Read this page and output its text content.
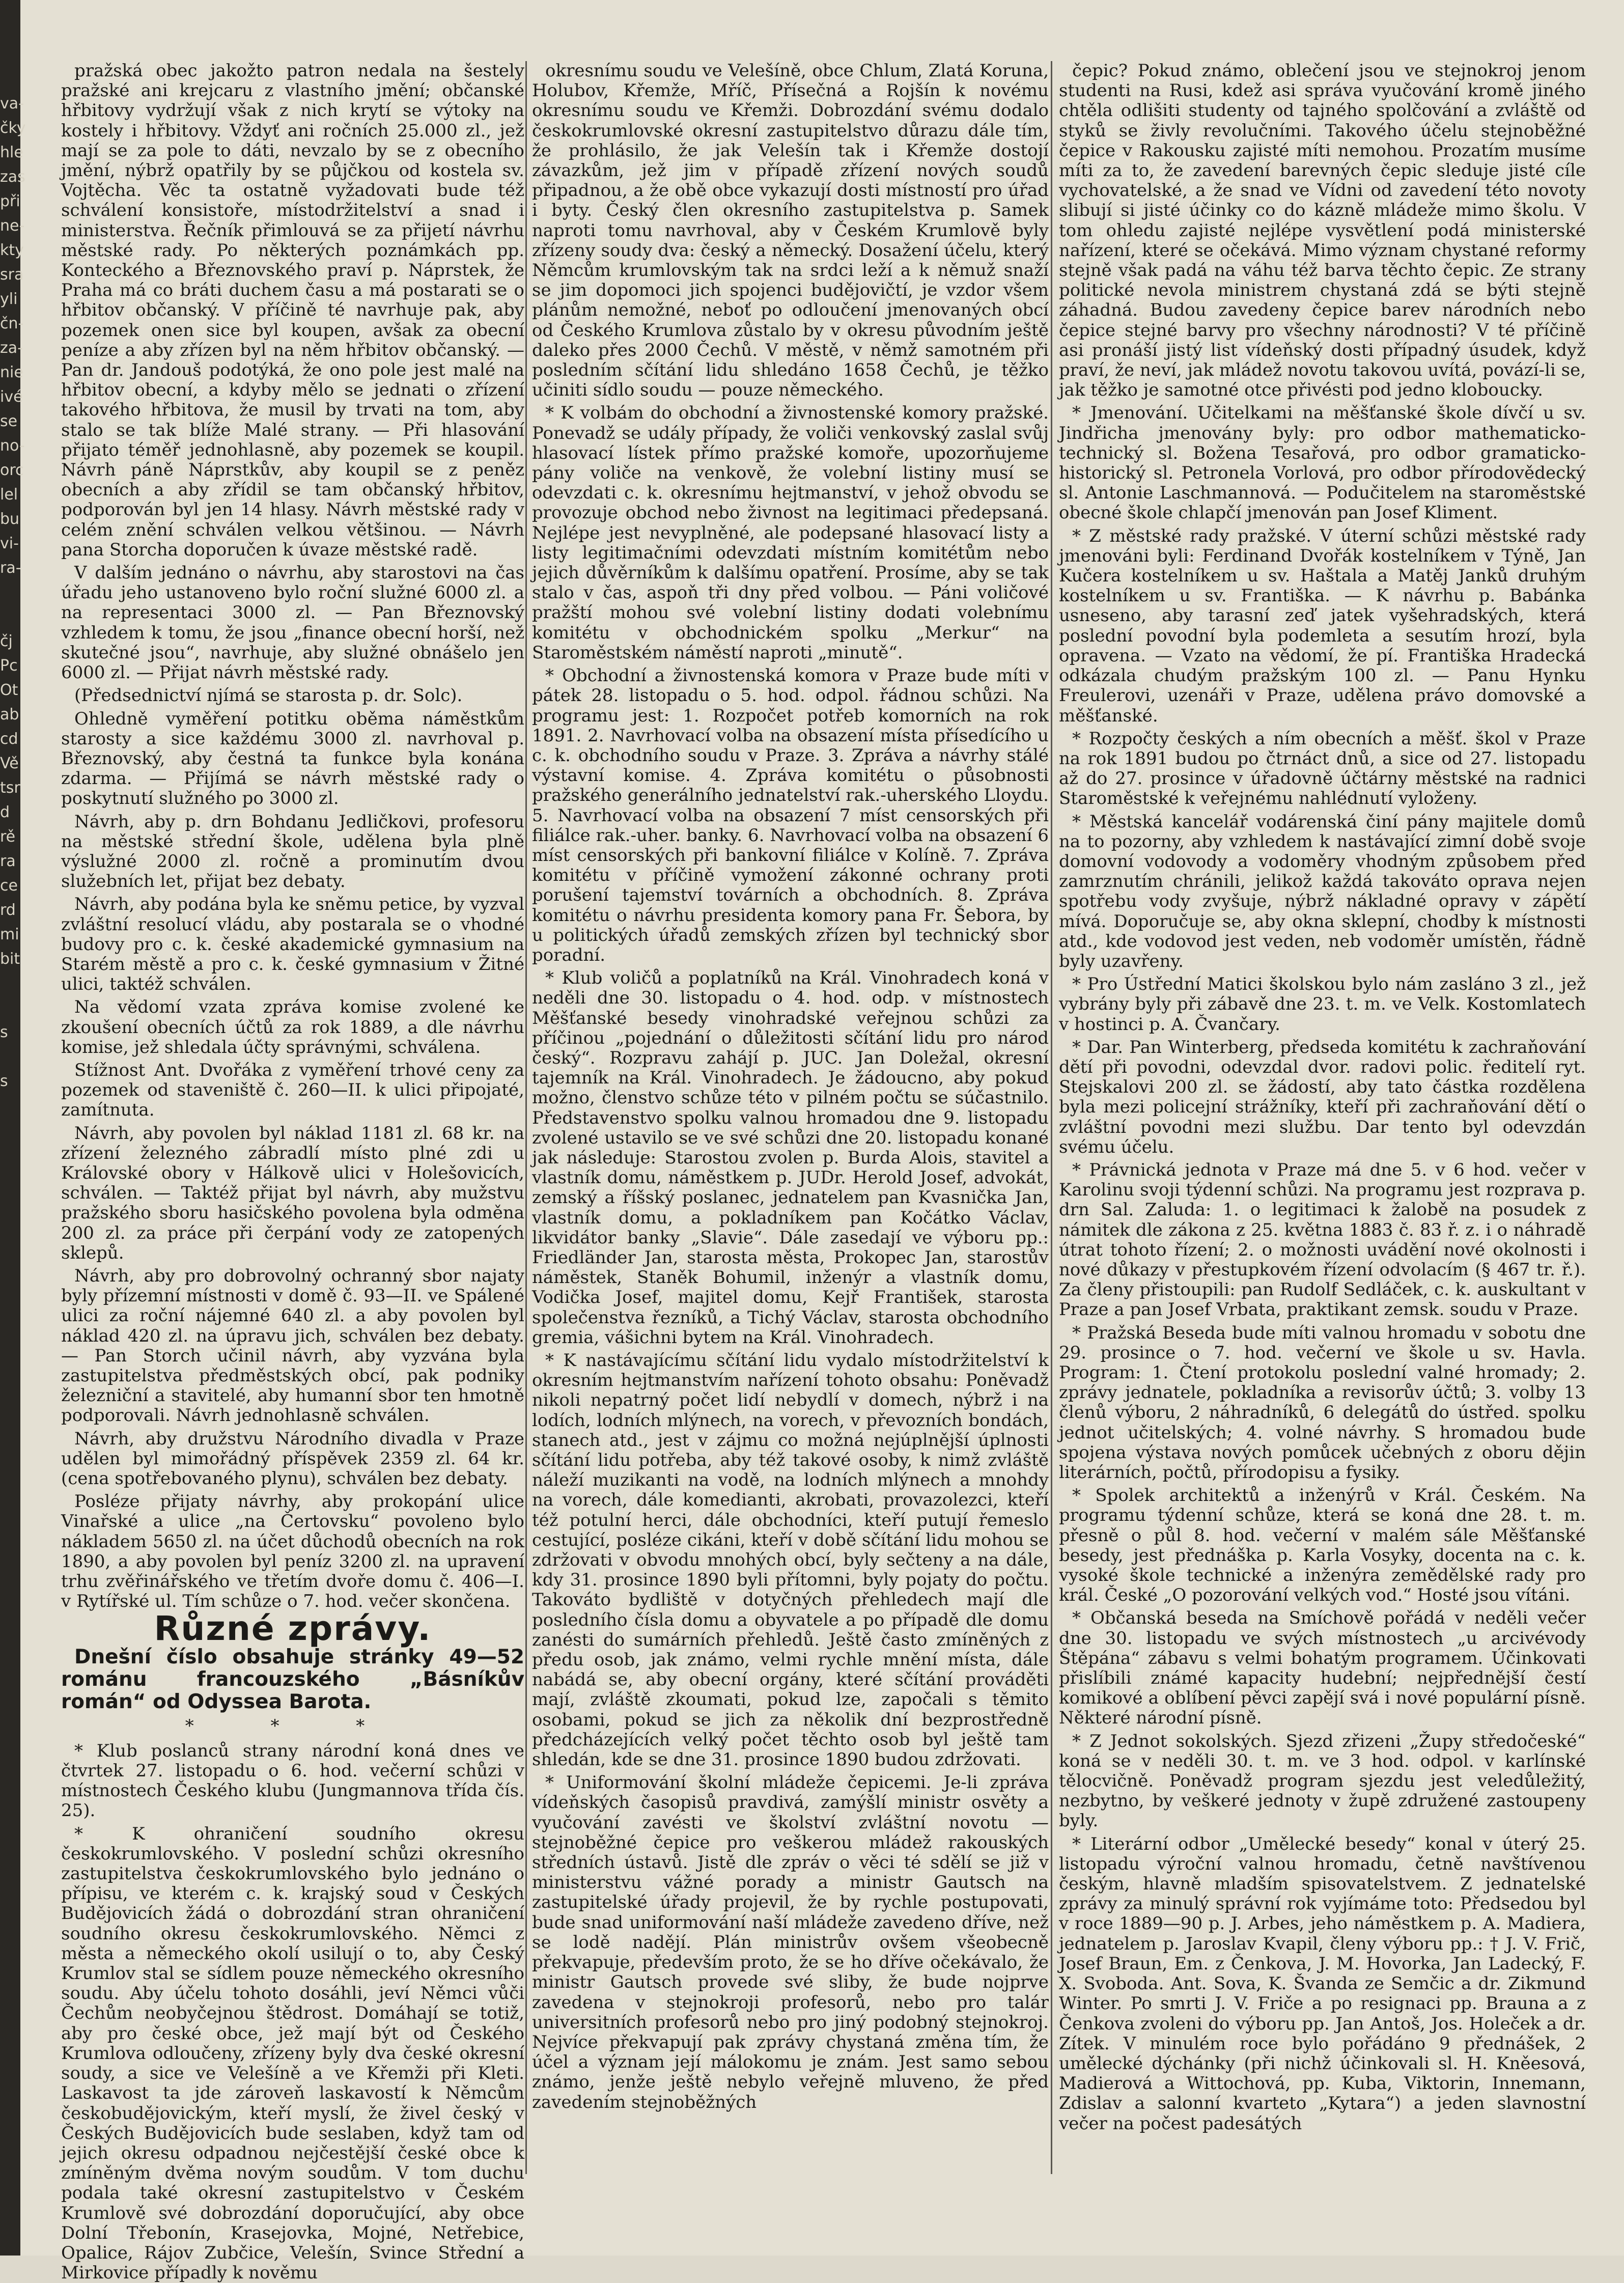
va-
čky
hle
zas
při
ne-
kty
sra
yli
čn-
za-
nie
ivé
se
no-
orc
lel
bu
vi-
ra-

čj
Pc
Ot
ab
cd
Vě
tsr
d
rě
ra
ce
rd
mi
bit

s

s

pražská obec jakožto patron nedala na šestely pražské ani krejcaru z vlastního jmění; občanské hřbitovy vydržují však z nich krytí se výtoky na kostely i hřbitovy. Vždyť ani ročních 25.000 zl., jež mají se za pole to dáti, nevzalo by se z obecního jmění, nýbrž opatřily by se půjčkou od kostela sv. Vojtěcha. Věc ta ostatně vyžadovati bude též schválení konsistoře, místodržitelství a snad i ministerstva. Řečník přimlouvá se za přijetí návrhu městské rady. Po některých poznámkách pp. Konteckého a Březnovského praví p. Náprstek, že Praha má co bráti duchem času a má postarati se o hřbitov občanský. V příčině té navrhuje pak, aby pozemek onen sice byl koupen, avšak za obecní peníze a aby zřízen byl na něm hřbitov občanský. — Pan dr. Jandouš podotýká, že ono pole jest malé na hřbitov obecní, a kdyby mělo se jednati o zřízení takového hřbitova, že musil by trvati na tom, aby stalo se tak blíže Malé strany. — Při hlasování přijato téměř jednohlasně, aby pozemek se koupil. Návrh páně Náprstkův, aby koupil se z peněz obecních a aby zřídil se tam občanský hřbitov, podporován byl jen 14 hlasy. Návrh městské rady v celém znění schválen velkou většinou. — Návrh pana Storcha doporučen k úvaze městské radě.

V dalším jednáno o návrhu, aby starostovi na čas úřadu jeho ustanoveno bylo roční služné 6000 zl. a na representaci 3000 zl. — Pan Březnovský vzhledem k tomu, že jsou „finance obecní horší, než skutečné jsou“, navrhuje, aby služné obnášelo jen 6000 zl. — Přijat návrh městské rady.

(Předsednictví njímá se starosta p. dr. Solc).

Ohledně vyměření potitku oběma náměstkům starosty a sice každému 3000 zl. navrhoval p. Březnovský, aby čestná ta funkce byla konána zdarma. — Přijímá se návrh městské rady o poskytnutí služného po 3000 zl.

Návrh, aby p. drn Bohdanu Jedličkovi, profesoru na městské střední škole, udělena byla plně výslužné 2000 zl. ročně a prominutím dvou služebních let, přijat bez debaty.

Návrh, aby podána byla ke sněmu petice, by vyzval zvláštní resolucí vládu, aby postarala se o vhodné budovy pro c. k. české akademické gymnasium na Starém městě a pro c. k. české gymnasium v Žitné ulici, taktéž schválen.

Na vědomí vzata zpráva komise zvolené ke zkoušení obecních účtů za rok 1889, a dle návrhu komise, jež shledala účty správnými, schválena.

Stížnost Ant. Dvořáka z vyměření trhové ceny za pozemek od staveniště č. 260—II. k ulici připojaté, zamítnuta.

Návrh, aby povolen byl náklad 1181 zl. 68 kr. na zřízení železného zábradlí místo plné zdi u Královské obory v Hálkově ulici v Holešovicích, schválen. — Taktéž přijat byl návrh, aby mužstvu pražského sboru hasičského povolena byla odměna 200 zl. za práce při čerpání vody ze zatopených sklepů.

Návrh, aby pro dobrovolný ochranný sbor najaty byly přízemní místnosti v domě č. 93—II. ve Spálené ulici za roční nájemné 640 zl. a aby povolen byl náklad 420 zl. na úpravu jich, schválen bez debaty. — Pan Storch učinil návrh, aby vyzvána byla zastupitelstva předměstských obcí, pak podniky železniční a stavitelé, aby humanní sbor ten hmotně podporovali. Návrh jednohlasně schválen.

Návrh, aby družstvu Národního divadla v Praze udělen byl mimořádný příspěvek 2359 zl. 64 kr. (cena spotřebovaného plynu), schválen bez debaty.

Posléze přijaty návrhy, aby prokopání ulice Vinařské a ulice „na Čertovsku“ povoleno bylo nákladem 5650 zl. na účet důchodů obecních na rok 1890, a aby povolen byl peníz 3200 zl. na upravení trhu zvěřinářského ve třetím dvoře domu č. 406—I. v Rytířské ul. Tím schůze o 7. hod. večer skončena.

Různé zprávy.

Dnešní číslo obsahuje stránky 49—52 románu francouzského „Básníkův román“ od Odyssea Barota.

* * *

* Klub poslanců strany národní koná dnes ve čtvrtek 27. listopadu o 6. hod. večerní schůzi v místnostech Českého klubu (Jungmannova třída čís. 25).

* K ohraničení soudního okresu českokrumlovského. V poslední schůzi okresního zastupitelstva českokrumlovského bylo jednáno o přípisu, ve kterém c. k. krajský soud v Českých Budějovicích žádá o dobrozdání stran ohraničení soudního okresu českokrumlovského. Němci z města a německého okolí usilují o to, aby Český Krumlov stal se sídlem pouze německého okresního soudu. Aby účelu tohoto dosáhli, jeví Němci vůči Čechům neobyčejnou štědrost. Domáhají se totiž, aby pro české obce, jež mají být od Českého Krumlova odloučeny, zřízeny byly dva české okresní soudy, a sice ve Velešíně a ve Křemži při Kleti. Laskavost ta jde zároveň laskavostí k Němcům českobudějovickým, kteří myslí, že živel český v Českých Budějovicích bude seslaben, když tam od jejich okresu odpadnou nejčestější české obce k zmíněným dvěma novým soudům. V tom duchu podala také okresní zastupitelstvo v Českém Krumlově své dobrozdání doporučující, aby obce Dolní Třebonín, Krasejovka, Mojné, Netřebice, Opalice, Rájov Zubčice, Velešín, Svince Střední a Mirkovice případly k nověmu

okresnímu soudu ve Velešíně, obce Chlum, Zlatá Koruna, Holubov, Křemže, Mříč, Přísečná a Rojšín k novému okresnímu soudu ve Křemži. Dobrozdání svému dodalo českokrumlovské okresní zastupitelstvo důrazu dále tím, že prohlásilo, že jak Velešín tak i Křemže dostojí závazkům, jež jim v případě zřízení nových soudů připadnou, a že obě obce vykazují dosti místností pro úřad i byty. Český člen okresního zastupitelstva p. Samek naproti tomu navrhoval, aby v Českém Krumlově byly zřízeny soudy dva: český a německý. Dosažení účelu, který Němcům krumlovským tak na srdci leží a k němuž snaží se jim dopomoci jich spojenci budějovičtí, je vzdor všem plánům nemožné, neboť po odloučení jmenovaných obcí od Českého Krumlova zůstalo by v okresu původním ještě daleko přes 2000 Čechů. V městě, v němž samotném při posledním sčítání lidu shledáno 1658 Čechů, je těžko učiniti sídlo soudu — pouze německého.

* K volbám do obchodní a živnostenské komory pražské. Ponevadž se udály případy, že voliči venkovský zaslal svůj hlasovací lístek přímo pražské komoře, upozorňujeme pány voliče na venkově, že volební listiny musí se odevzdati c. k. okresnímu hejtmanství, v jehož obvodu se provozuje obchod nebo živnost na legitimaci předepsaná. Nejlépe jest nevyplněné, ale podepsané hlasovací listy a listy legitimačními odevzdati místním komitétům nebo jejich důvěrníkům k dalšímu opatření. Prosíme, aby se tak stalo v čas, aspoň tři dny před volbou. — Páni voličové pražští mohou své volební listiny dodati volebnímu komitétu v obchodnickém spolku „Merkur“ na Staroměstském náměstí naproti „minutě“.

* Obchodní a živnostenská komora v Praze bude míti v pátek 28. listopadu o 5. hod. odpol. řádnou schůzi. Na programu jest: 1. Rozpočet potřeb komorních na rok 1891. 2. Navrhovací volba na obsazení místa přísedícího u c. k. obchodního soudu v Praze. 3. Zpráva a návrhy stálé výstavní komise. 4. Zpráva komitétu o působnosti pražského generálního jednatelství rak.-uherského Lloydu. 5. Navrhovací volba na obsazení 7 míst censorských při filiálce rak.-uher. banky. 6. Navrhovací volba na obsazení 6 míst censorských při bankovní filiálce v Kolíně. 7. Zpráva komitétu v příčině vymožení zákonné ochrany proti porušení tajemství továrních a obchodních. 8. Zpráva komitétu o návrhu presidenta komory pana Fr. Šebora, by u politických úřadů zemských zřízen byl technický sbor poradní.

* Klub voličů a poplatníků na Král. Vinohradech koná v neděli dne 30. listopadu o 4. hod. odp. v místnostech Měšťanské besedy vinohradské veřejnou schůzi za příčinou „pojednání o důležitosti sčítání lidu pro národ český“. Rozpravu zahájí p. JUC. Jan Doležal, okresní tajemník na Král. Vinohradech. Je žádoucno, aby pokud možno, členstvo schůze této v pilném počtu se súčastnilo. Představenstvo spolku valnou hromadou dne 9. listopadu zvolené ustavilo se ve své schůzi dne 20. listopadu konané jak následuje: Starostou zvolen p. Burda Alois, stavitel a vlastník domu, náměstkem p. JUDr. Herold Josef, advokát, zemský a říšský poslanec, jednatelem pan Kvasnička Jan, vlastník domu, a pokladníkem pan Kočátko Václav, likvidátor banky „Slavie“. Dále zasedají ve výboru pp.: Friedländer Jan, starosta města, Prokopec Jan, starostův náměstek, Staněk Bohumil, inženýr a vlastník domu, Vodička Josef, majitel domu, Kejř František, starosta společenstva řezníků, a Tichý Václav, starosta obchodního gremia, vášichni bytem na Král. Vinohradech.

* K nastávajícímu sčítání lidu vydalo místodržitelství k okresním hejtmanstvím nařízení tohoto obsahu: Poněvadž nikoli nepatrný počet lidí nebydlí v domech, nýbrž i na lodích, lodních mlýnech, na vorech, v převozních bondách, stanech atd., jest v zájmu co možná nejúplnější úplnosti sčítání lidu potřeba, aby též takové osoby, k nimž zvláště náleží muzikanti na vodě, na lodních mlýnech a mnohdy na vorech, dále komedianti, akrobati, provazolezci, kteří též potulní herci, dále obchodníci, kteří putují řemeslo cestující, posléze cikáni, kteří v době sčítání lidu mohou se zdržovati v obvodu mnohých obcí, byly sečteny a na dále, kdy 31. prosince 1890 byli přítomni, byly pojaty do počtu. Takováto bydliště v dotyčných přehledech mají dle posledního čísla domu a obyvatele a po případě dle domu zanésti do sumárních přehledů. Ještě často zmíněných z předu osob, jak známo, velmi rychle mnění místa, dále nabádá se, aby obecní orgány, které sčítání prováděti mají, zvláště zkoumati, pokud lze, započali s těmito osobami, pokud se jich za několik dní bezprostředně předcházejících velký počet těchto osob byl ještě tam shledán, kde se dne 31. prosince 1890 budou zdržovati.

* Uniformování školní mládeže čepicemi. Je-li zpráva vídeňských časopisů pravdivá, zamýšlí ministr osvěty a vyučování zavésti ve školství zvláštní novotu — stejnoběžné čepice pro veškerou mládež rakouských středních ústavů. Jistě dle zpráv o věci té sdělí se již v ministerstvu vážné porady a ministr Gautsch na zastupitelské úřady projevil, že by rychle postupovati, bude snad uniformování naší mládeže zavedeno dříve, než se lodě nadějí. Plán ministrův ovšem všeobecně překvapuje, především proto, že se ho dříve očekávalo, že ministr Gautsch provede své sliby, že bude nojprve zavedena v stejnokroji profesorů, nebo pro talár universitních profesorů nebo pro jiný podobný stejnokroj. Nejvíce překvapují pak zprávy chystaná změna tím, že účel a význam její málokomu je znám. Jest samo sebou známo, jenže ještě nebylo veřejně mluveno, že před zavedením stejnoběžných

čepic? Pokud známo, oblečení jsou ve stejnokroj jenom studenti na Rusi, kdež asi správa vyučování kromě jiného chtěla odlišiti studenty od tajného spolčování a zvláště od styků se živly revolučními. Takového účelu stejnoběžné čepice v Rakousku zajisté míti nemohou. Prozatím musíme míti za to, že zavedení barevných čepic sleduje jisté cíle vychovatelské, a že snad ve Vídni od zavedení této novoty slibují si jisté účinky co do kázně mládeže mimo školu. V tom ohledu zajisté nejlépe vysvětlení podá ministerské nařízení, které se očekává. Mimo význam chystané reformy stejně však padá na váhu též barva těchto čepic. Ze strany politické nevola ministrem chystaná zdá se býti stejně záhadná. Budou zavedeny čepice barev národních nebo čepice stejné barvy pro všechny národnosti? V té příčině asi pronáší jistý list vídeňský dosti případný úsudek, když praví, že neví, jak mládež novotu takovou uvítá, povází-li se, jak těžko je samotné otce přivésti pod jedno kloboucky.

* Jmenování. Učitelkami na měšťanské škole dívčí u sv. Jindřicha jmenovány byly: pro odbor mathematicko-technický sl. Božena Tesařová, pro odbor gramaticko-historický sl. Petronela Vorlová, pro odbor přírodovědecký sl. Antonie Laschmannová. — Podučitelem na staroměstské obecné škole chlapčí jmenován pan Josef Kliment.

* Z městské rady pražské. V úterní schůzi městské rady jmenováni byli: Ferdinand Dvořák kostelníkem v Týně, Jan Kučera kostelníkem u sv. Haštala a Matěj Janků druhým kostelníkem u sv. Františka. — K návrhu p. Babánka usneseno, aby tarasní zeď jatek vyšehradských, která poslední povodní byla podemleta a sesutím hrozí, byla opravena. — Vzato na vědomí, že pí. Františka Hradecká odkázala chudým pražským 100 zl. — Panu Hynku Freulerovi, uzenáři v Praze, udělena právo domovské a měšťanské.

* Rozpočty českých a ním obecních a měšť. škol v Praze na rok 1891 budou po čtrnáct dnů, a sice od 27. listopadu až do 27. prosince v úřadovně účtárny městské na radnici Staroměstské k veřejnému nahlédnutí vyloženy.

* Městská kancelář vodárenská činí pány majitele domů na to pozorny, aby vzhledem k nastávající zimní době svoje domovní vodovody a vodoměry vhodným způsobem před zamrznutím chránili, jelikož každá takováto oprava nejen spotřebu vody zvyšuje, nýbrž nákladné opravy v zápětí mívá. Doporučuje se, aby okna sklepní, chodby k místnosti atd., kde vodovod jest veden, neb vodoměr umístěn, řádně byly uzavřeny.

* Pro Ústřední Matici školskou bylo nám zasláno 3 zl., jež vybrány byly při zábavě dne 23. t. m. ve Velk. Kostomlatech v hostinci p. A. Čvančary.

* Dar. Pan Winterberg, předseda komitétu k zachraňování dětí při povodni, odevzdal dvor. radovi polic. ředitelí ryt. Stejskalovi 200 zl. se žádostí, aby tato částka rozdělena byla mezi policejní strážníky, kteří při zachraňování dětí o zvláštní povodni mezi službu. Dar tento byl odevzdán svému účelu.

* Právnická jednota v Praze má dne 5. v 6 hod. večer v Karolinu svoji týdenní schůzi. Na programu jest rozprava p. drn Sal. Zaluda: 1. o legitimaci k žalobě na posudek z námitek dle zákona z 25. května 1883 č. 83 ř. z. i o náhradě útrat tohoto řízení; 2. o možnosti uvádění nové okolnosti i nové důkazy v přestupkovém řízení odvolacím (§ 467 tr. ř.). Za členy přistoupili: pan Rudolf Sedláček, c. k. auskultant v Praze a pan Josef Vrbata, praktikant zemsk. soudu v Praze.

* Pražská Beseda bude míti valnou hromadu v sobotu dne 29. prosince o 7. hod. večerní ve škole u sv. Havla. Program: 1. Čtení protokolu poslední valné hromady; 2. zprávy jednatele, pokladníka a revisorův účtů; 3. volby 13 členů výboru, 2 náhradníků, 6 delegátů do ústřed. spolku jednot učitelských; 4. volné návrhy. S hromadou bude spojena výstava nových pomůcek učebných z oboru dějin literárních, počtů, přírodopisu a fysiky.

* Spolek architektů a inženýrů v Král. Českém. Na programu týdenní schůze, která se koná dne 28. t. m. přesně o půl 8. hod. večerní v malém sále Měšťanské besedy, jest přednáška p. Karla Vosyky, docenta na c. k. vysoké škole technické a inženýra zemědělské rady pro král. České „O pozorování velkých vod.“ Hosté jsou vítáni.

* Občanská beseda na Smíchově pořádá v neděli večer dne 30. listopadu ve svých místnostech „u arcivévody Štěpána“ zábavu s velmi bohatým programem. Účinkovati přislíbili známé kapacity hudební; nejpřednější čestí komikové a oblíbení pěvci zapějí svá i nové populární písně. Některé národní písně.

* Z Jednot sokolských. Sjezd zřizeni „Župy středočeské“ koná se v neděli 30. t. m. ve 3 hod. odpol. v karlínské tělocvičně. Poněvadž program sjezdu jest veledůležitý, nezbytno, by veškeré jednoty v župě združené zastoupeny byly.

* Literární odbor „Umělecké besedy“ konal v úterý 25. listopadu výroční valnou hromadu, četně navštívenou českým, hlavně mladším spisovatelstvem. Z jednatelské zprávy za minulý správní rok vyjímáme toto: Předsedou byl v roce 1889—90 p. J. Arbes, jeho náměstkem p. A. Madiera, jednatelem p. Jaroslav Kvapil, členy výboru pp.: † J. V. Frič, Josef Braun, Em. z Čenkova, J. M. Hovorka, Jan Ladecký, F. X. Svoboda. Ant. Sova, K. Švanda ze Semčic a dr. Zikmund Winter. Po smrti J. V. Friče a po resignaci pp. Brauna a z Čenkova zvoleni do výboru pp. Jan Antoš, Jos. Holeček a dr. Zítek. V minulém roce bylo pořádáno 9 přednášek, 2 umělecké dýchánky (při nichž účinkovali sl. H. Kněesová, Madierová a Wittochová, pp. Kuba, Viktorin, Innemann, Zdislav a salonní kvarteto „Kytara“) a jeden slavnostní večer na počest padesátých
